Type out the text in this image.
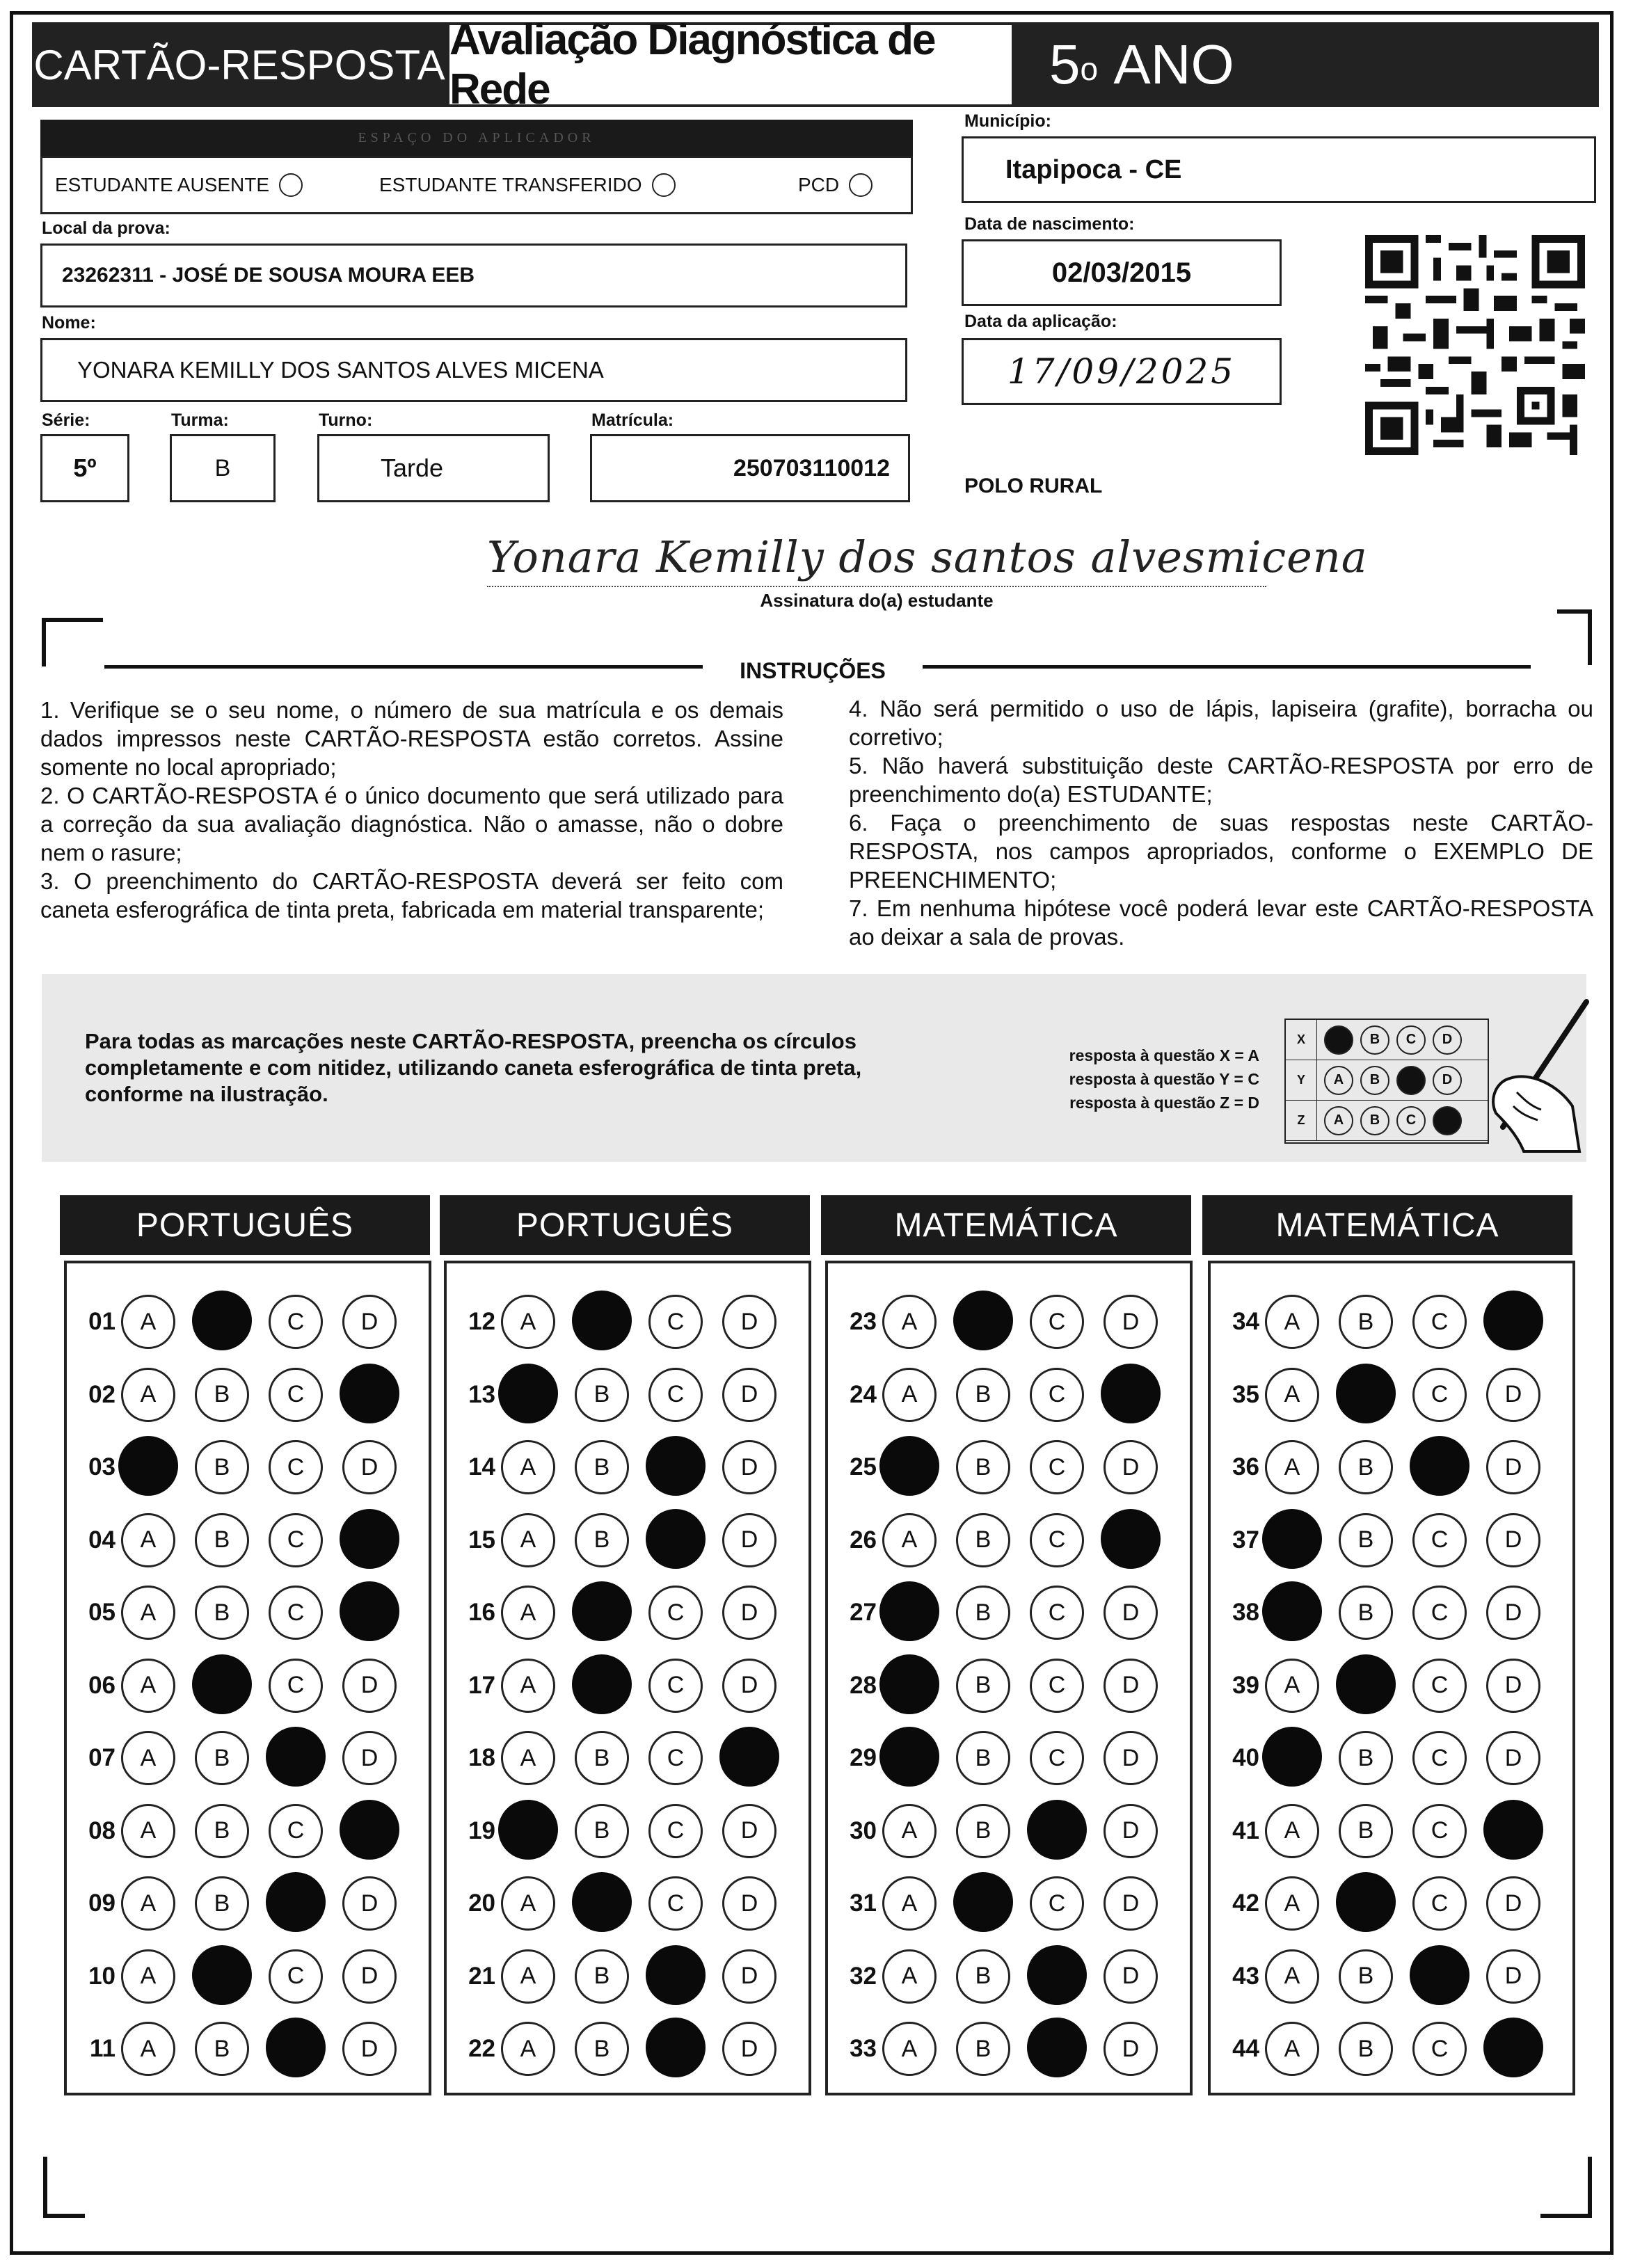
CARTÃO-RESPOSTA
Avaliação Diagnóstica de Rede	5$^o$
ANO
ESPAÇO DO APLICADOR
ESTUDANTE AUSENTE	ESTUDANTE TRANSFERIDO	PCD
Local da prova:
23262311 - JOSÉ DE SOUSA MOURA EEB
Nome:
YONARA KEMILLY DOS SANTOS ALVES MICENA
Série:
5º
Turma:
B
Turno:
Tarde
Matrícula:
250703110012
Município:
Itapipoca - CE
Data de nascimento:
02/03/2015
Data da aplicação:
17/09/2025
POLO RURAL
Yonara Kemilly dos santos alvesmicena
Assinatura do(a) estudante
INSTRUÇÕES

1. Verifique se o seu nome, o número de sua matrícula e os demais dados impressos neste CARTÃO-RESPOSTA estão corretos. Assine somente no local apropriado;

2. O CARTÃO-RESPOSTA é o único documento que será utilizado para a correção da sua avaliação diagnóstica. Não o amasse, não o dobre nem o rasure;

3. O preenchimento do CARTÃO-RESPOSTA deverá ser feito com caneta esferográfica de tinta preta, fabricada em material transparente;

4. Não será permitido o uso de lápis, lapiseira (grafite), borracha ou corretivo;

5. Não haverá substituição deste CARTÃO-RESPOSTA por erro de preenchimento do(a) ESTUDANTE;

6. Faça o preenchimento de suas respostas neste CARTÃO-RESPOSTA, nos campos apropriados, conforme o EXEMPLO DE PREENCHIMENTO;

7. Em nenhuma hipótese você poderá levar este CARTÃO-RESPOSTA ao deixar a sala de provas.

Para todas as marcações neste CARTÃO-RESPOSTA, preencha os círculos completamente e com nitidez, utilizando caneta esferográfica de tinta preta, conforme na ilustração.
resposta à questão X = A
resposta à questão Y = C
resposta à questão Z = D
X	B	C	D
Y	A	B	D
Z	A	B	C
PORTUGUÊS
01	A	C	D
02	A	B	C
03	B	C	D
04	A	B	C
05	A	B	C
06	A	C	D
07	A	B	D
08	A	B	C
09	A	B	D
10	A	C	D
11	A	B	D
PORTUGUÊS
12	A	C	D
13	B	C	D
14	A	B	D
15	A	B	D
16	A	C	D
17	A	C	D
18	A	B	C
19	B	C	D
20	A	C	D
21	A	B	D
22	A	B	D
MATEMÁTICA
23	A	C	D
24	A	B	C
25	B	C	D
26	A	B	C
27	B	C	D
28	B	C	D
29	B	C	D
30	A	B	D
31	A	C	D
32	A	B	D
33	A	B	D
MATEMÁTICA
34	A	B	C
35	A	C	D
36	A	B	D
37	B	C	D
38	B	C	D
39	A	C	D
40	B	C	D
41	A	B	C
42	A	C	D
43	A	B	D
44	A	B	C
